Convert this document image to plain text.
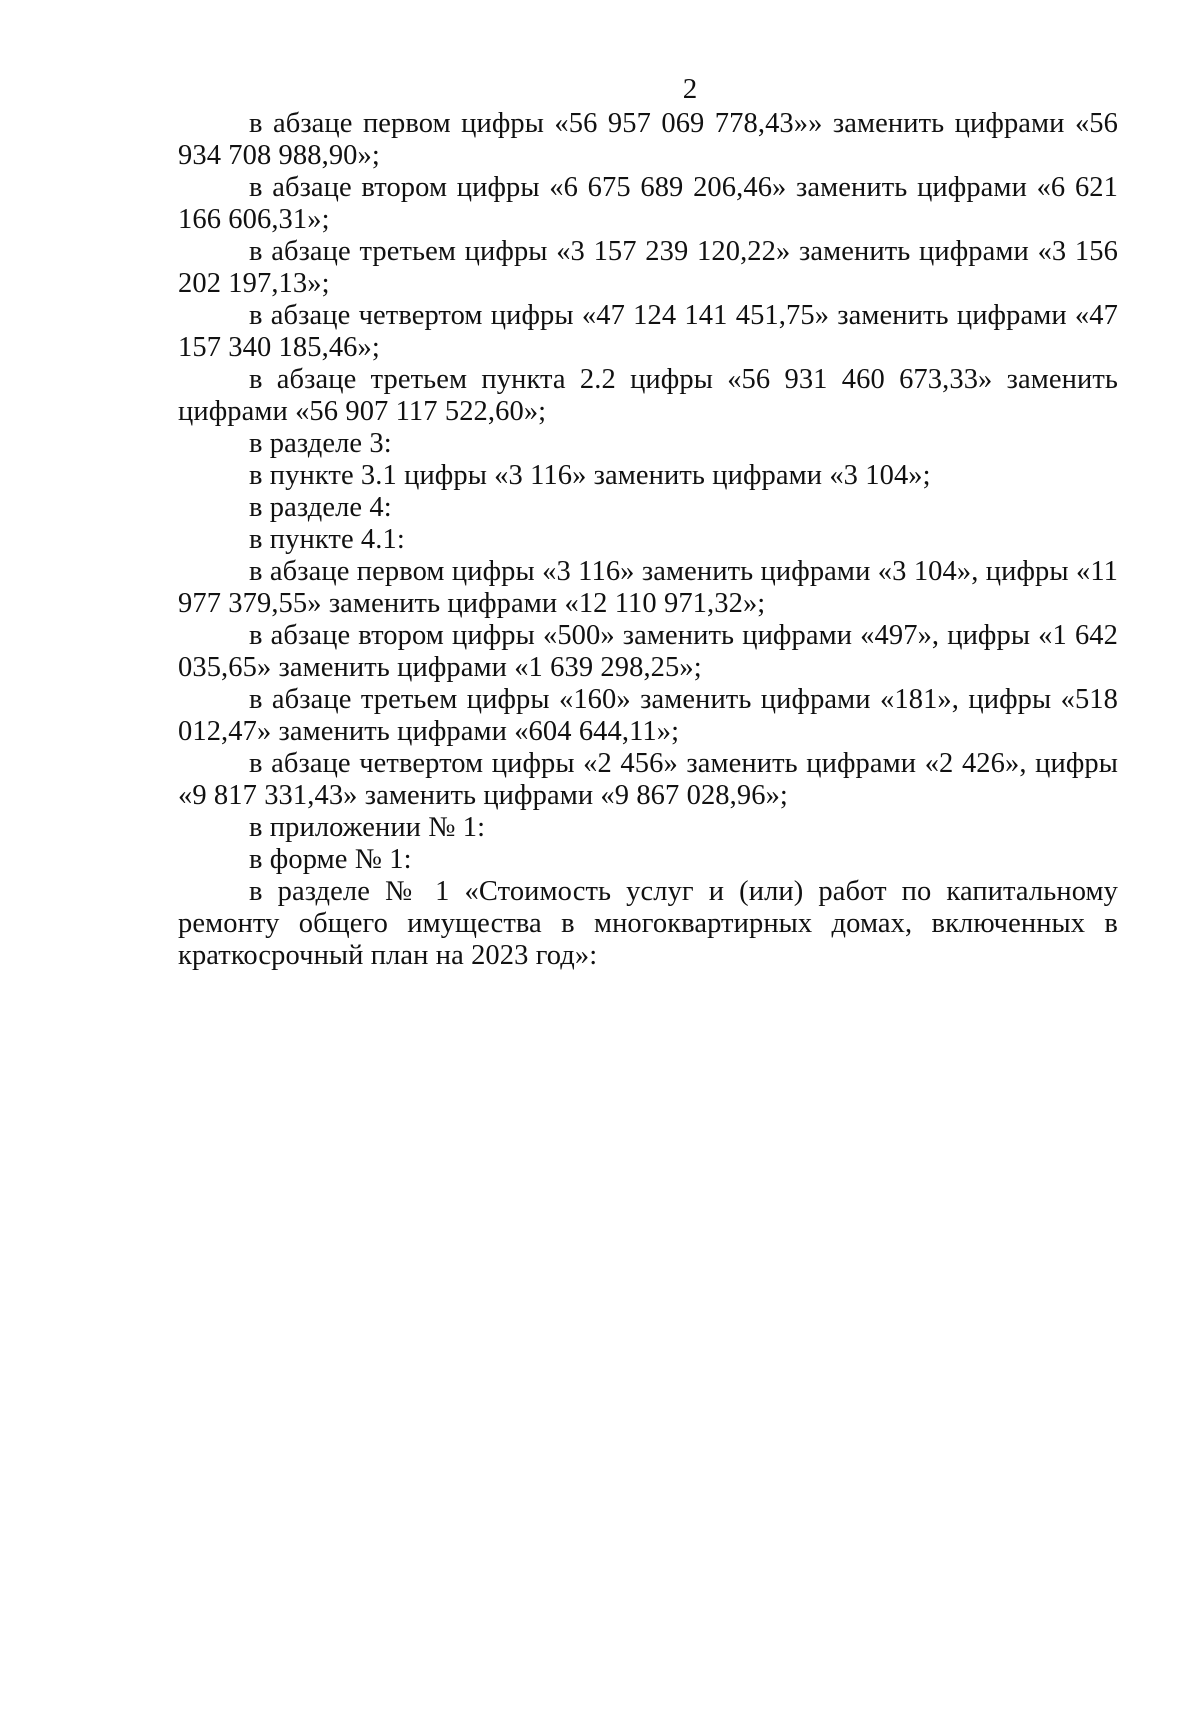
2

в абзаце первом цифры «56 957 069 778,43»» заменить цифрами «56 934 708 988,90»;

в абзаце втором цифры «6 675 689 206,46» заменить цифрами «6 621 166 606,31»;

в абзаце третьем цифры «3 157 239 120,22» заменить цифрами «3 156 202 197,13»;

в абзаце четвертом цифры «47 124 141 451,75» заменить цифрами «47 157 340 185,46»;

в абзаце третьем пункта 2.2 цифры «56 931 460 673,33» заменить цифрами «56 907 117 522,60»;

в разделе 3:

в пункте 3.1 цифры «3 116» заменить цифрами «3 104»;

в разделе 4:

в пункте 4.1:

в абзаце первом цифры «3 116» заменить цифрами «3 104», цифры «11 977 379,55» заменить цифрами «12 110 971,32»;

в абзаце втором цифры «500» заменить цифрами «497», цифры «1 642 035,65» заменить цифрами «1 639 298,25»;

в абзаце третьем цифры «160» заменить цифрами «181», цифры «518 012,47» заменить цифрами «604 644,11»;

в абзаце четвертом цифры «2 456» заменить цифрами «2 426», цифры «9 817 331,43» заменить цифрами «9 867 028,96»;

в приложении № 1:

в форме № 1:

в разделе № 1 «Стоимость услуг и (или) работ по капитальному ремонту общего имущества в многоквартирных домах, включенных в краткосрочный план на 2023 год»:
